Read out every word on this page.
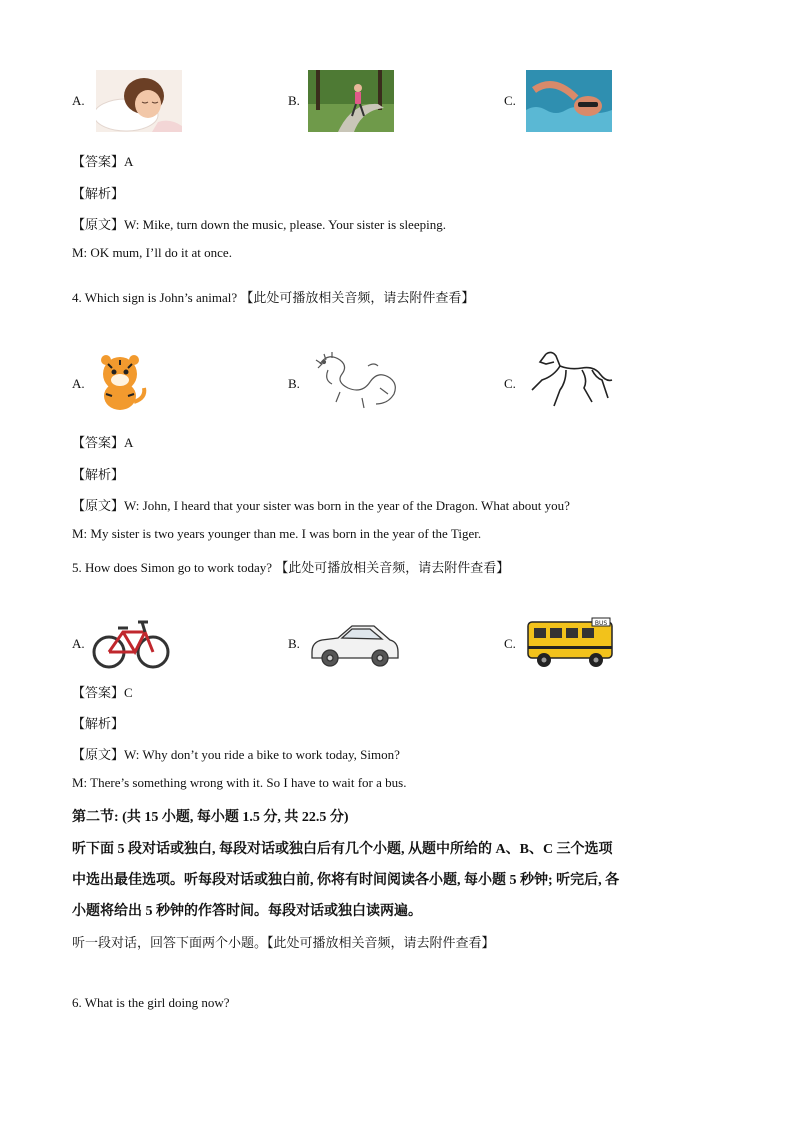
A.	B.	C.
【答案】A
【解析】
【原文】W: Mike, turn down the music, please. Your sister is sleeping.
M: OK mum, I’ll do it at once.
4. Which sign is John’s animal? 【此处可播放相关音频，请去附件查看】
A.	B.	C.
【答案】A
【解析】
【原文】W: John, I heard that your sister was born in the year of the Dragon. What about you?
M: My sister is two years younger than me. I was born in the year of the Tiger.
5. How does Simon go to work today? 【此处可播放相关音频，请去附件查看】
A.	B.	C.
BUS
【答案】C
【解析】
【原文】W: Why don’t you ride a bike to work today, Simon?
M: There’s something wrong with it. So I have to wait for a bus.
第二节: (共 15 小题, 每小题 1.5 分, 共 22.5 分)
听下面 5 段对话或独白, 每段对话或独白后有几个小题, 从题中所给的 A、B、C 三个选项
中选出最佳选项。听每段对话或独白前, 你将有时间阅读各小题, 每小题 5 秒钟; 听完后, 各
小题将给出 5 秒钟的作答时间。每段对话或独白读两遍。
听一段对话，回答下面两个小题。【此处可播放相关音频，请去附件查看】
6. What is the girl doing now?
